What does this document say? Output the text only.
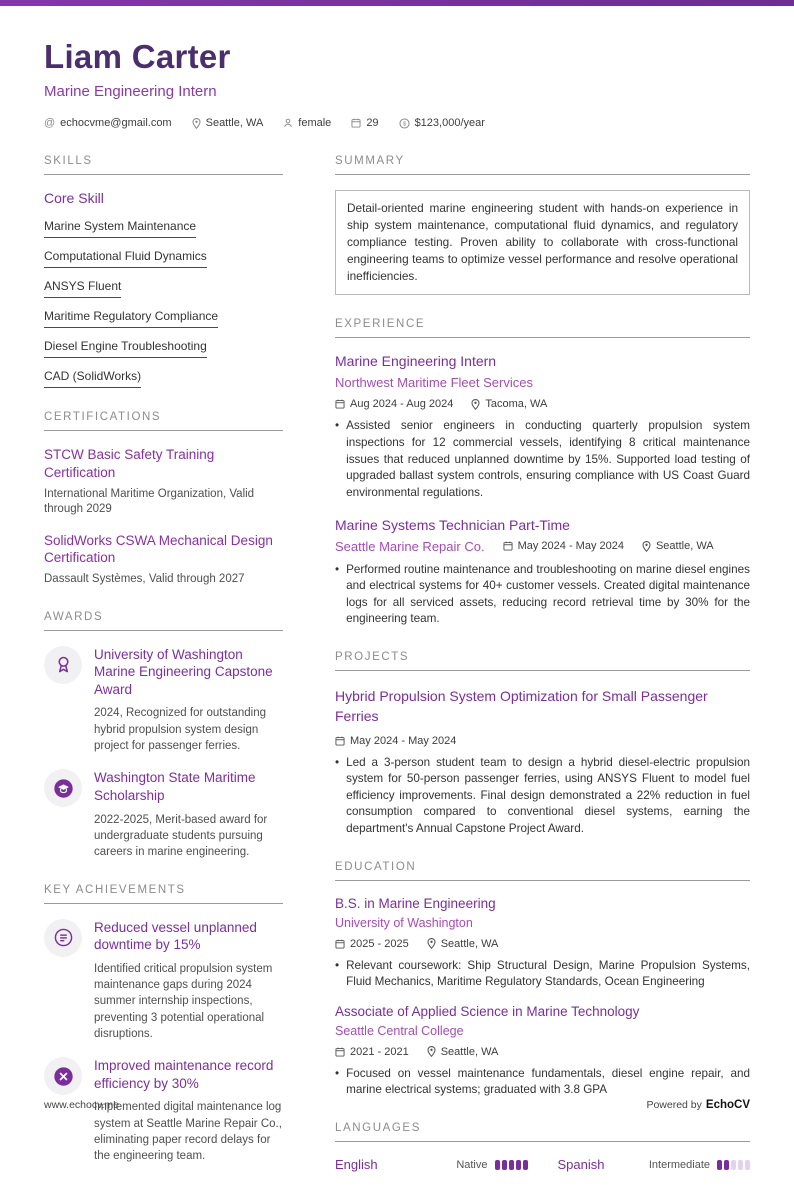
Liam Carter
Marine Engineering Intern
@ echocvme@gmail.com	Seattle, WA	female	29	$ $123,000/year
SKILLS
Core Skill
Marine System Maintenance
Computational Fluid Dynamics
ANSYS Fluent
Maritime Regulatory Compliance
Diesel Engine Troubleshooting
CAD (SolidWorks)
CERTIFICATIONS
STCW Basic Safety Training Certification
International Maritime Organization, Valid through 2029
SolidWorks CSWA Mechanical Design Certification
Dassault Systèmes, Valid through 2027
AWARDS
University of Washington Marine Engineering Capstone Award
2024, Recognized for outstanding hybrid propulsion system design project for passenger ferries.
Washington State Maritime Scholarship
2022-2025, Merit-based award for undergraduate students pursuing careers in marine engineering.
KEY ACHIEVEMENTS
Reduced vessel unplanned downtime by 15%
Identified critical propulsion system maintenance gaps during 2024 summer internship inspections, preventing 3 potential operational disruptions.
Improved maintenance record efficiency by 30%
Implemented digital maintenance log system at Seattle Marine Repair Co., eliminating paper record delays for the engineering team.
SUMMARY
Detail-oriented marine engineering student with hands-on experience in ship system maintenance, computational fluid dynamics, and regulatory compliance testing. Proven ability to collaborate with cross-functional engineering teams to optimize vessel performance and resolve operational inefficiencies.
EXPERIENCE
Marine Engineering Intern
Northwest Maritime Fleet Services
Aug 2024 - Aug 2024	Tacoma, WA
• Assisted senior engineers in conducting quarterly propulsion system inspections for 12 commercial vessels, identifying 8 critical maintenance issues that reduced unplanned downtime by 15%. Supported load testing of upgraded ballast system controls, ensuring compliance with US Coast Guard environmental regulations.
Marine Systems Technician Part-Time
Seattle Marine Repair Co.	May 2024 - May 2024	Seattle, WA
• Performed routine maintenance and troubleshooting on marine diesel engines and electrical systems for 40+ customer vessels. Created digital maintenance logs for all serviced assets, reducing record retrieval time by 30% for the engineering team.
PROJECTS
Hybrid Propulsion System Optimization for Small Passenger Ferries
May 2024 - May 2024
• Led a 3-person student team to design a hybrid diesel-electric propulsion system for 50-person passenger ferries, using ANSYS Fluent to model fuel efficiency improvements. Final design demonstrated a 22% reduction in fuel consumption compared to conventional diesel systems, earning the department's Annual Capstone Project Award.
EDUCATION
B.S. in Marine Engineering
University of Washington
2025 - 2025	Seattle, WA
• Relevant coursework: Ship Structural Design, Marine Propulsion Systems, Fluid Mechanics, Maritime Regulatory Standards, Ocean Engineering
Associate of Applied Science in Marine Technology
Seattle Central College
2021 - 2021	Seattle, WA
• Focused on vessel maintenance fundamentals, diesel engine repair, and marine electrical systems; graduated with 3.8 GPA
LANGUAGES
English	Native	Spanish	Intermediate
www.echocv.me	Powered by EchoCV
